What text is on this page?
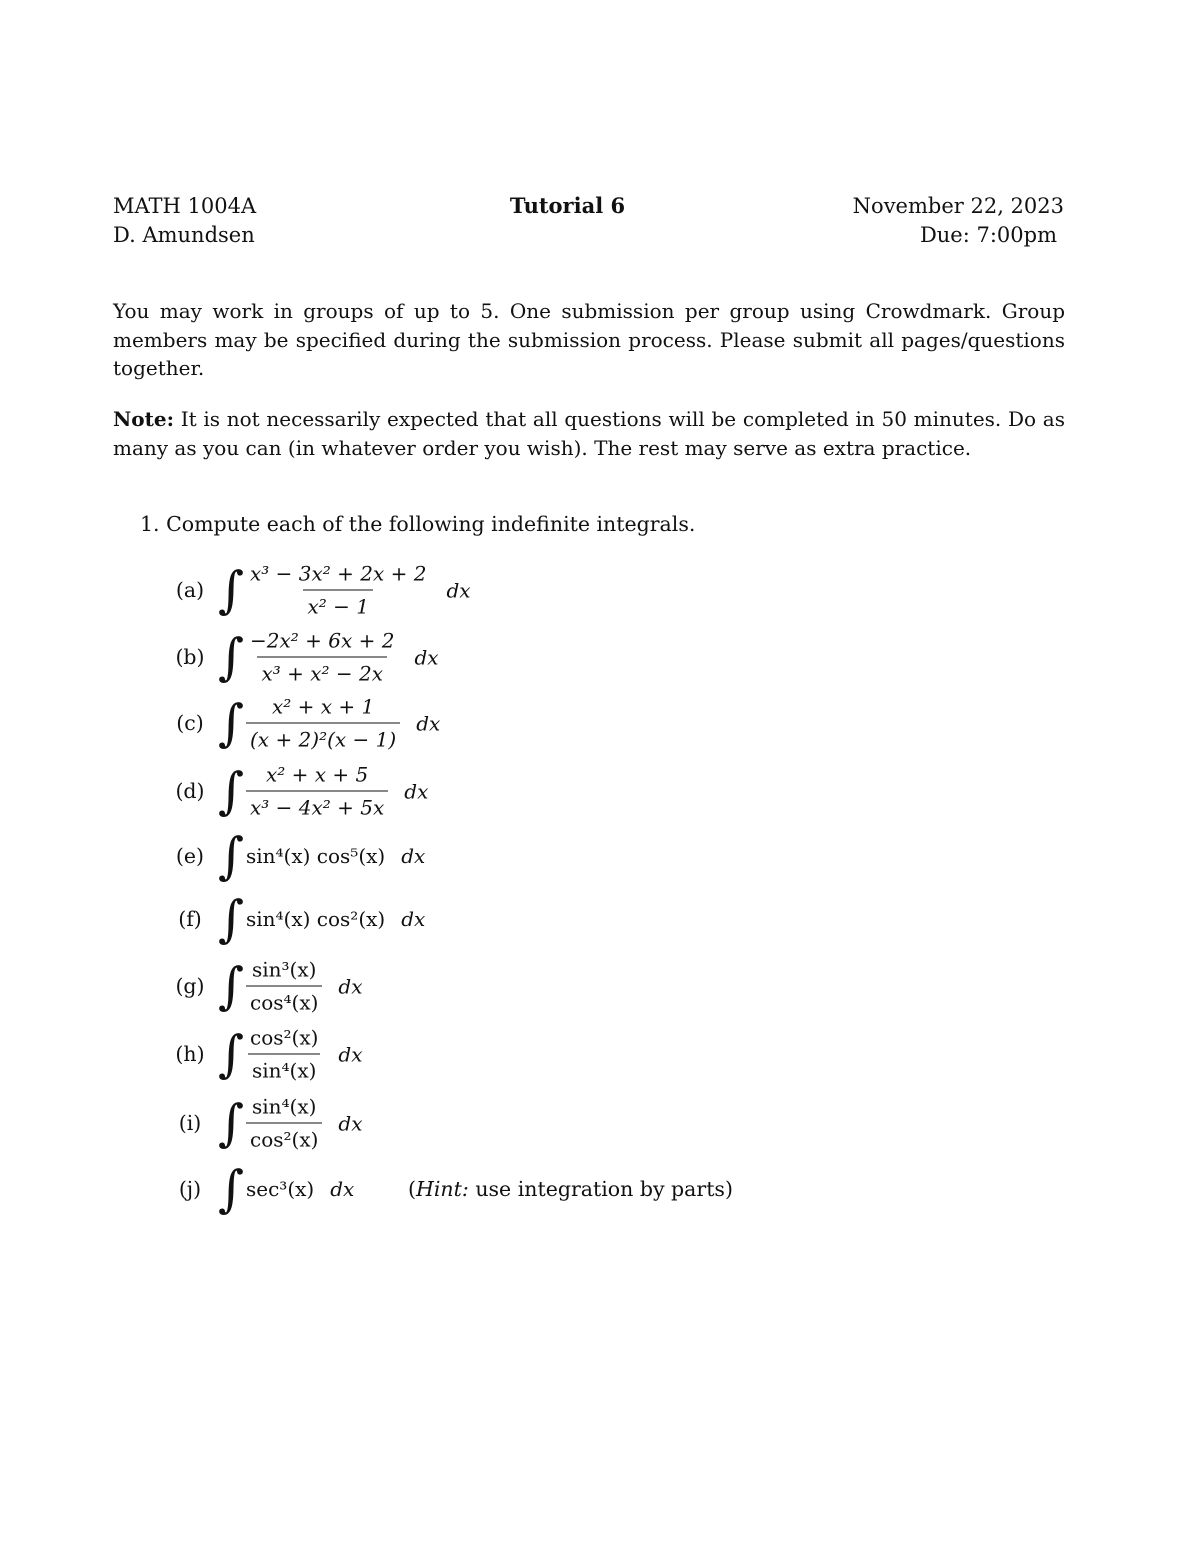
MATH 1004A	Tutorial 6	November 22, 2023
D. Amundsen	Due: 7:00pm
You may work in groups of up to 5. One submission per group using Crowdmark. Group members may be specified during the submission process. Please submit all pages/questions together.
Note: It is not necessarily expected that all questions will be completed in 50 minutes. Do as many as you can (in whatever order you wish). The rest may serve as extra practice.
1. Compute each of the following indefinite integrals.
(a) ∫ $\frac{\text{x³ − 3x² + 2x + 2}}{\text{x² − 1}}$ dx
(b) ∫ $\frac{\text{−2x² + 6x + 2}}{\text{x³ + x² − 2x}}$ dx
(c) ∫ $\frac{\text{x² + x + 1}}{\text{(x + 2)²(x − 1)}}$ dx
(d) ∫ $\frac{\text{x² + x + 5}}{\text{x³ − 4x² + 5x}}$ dx
(e) ∫ sin⁴(x) cos⁵(x) dx
(f) ∫ sin⁴(x) cos²(x) dx
(g) ∫ $\frac{\text{sin³(x)}}{\text{cos⁴(x)}}$ dx
(h) ∫ $\frac{\text{cos²(x)}}{\text{sin⁴(x)}}$ dx
(i) ∫ $\frac{\text{sin⁴(x)}}{\text{cos²(x)}}$ dx
(j) ∫ sec³(x) dx	(Hint: use integration by parts)
